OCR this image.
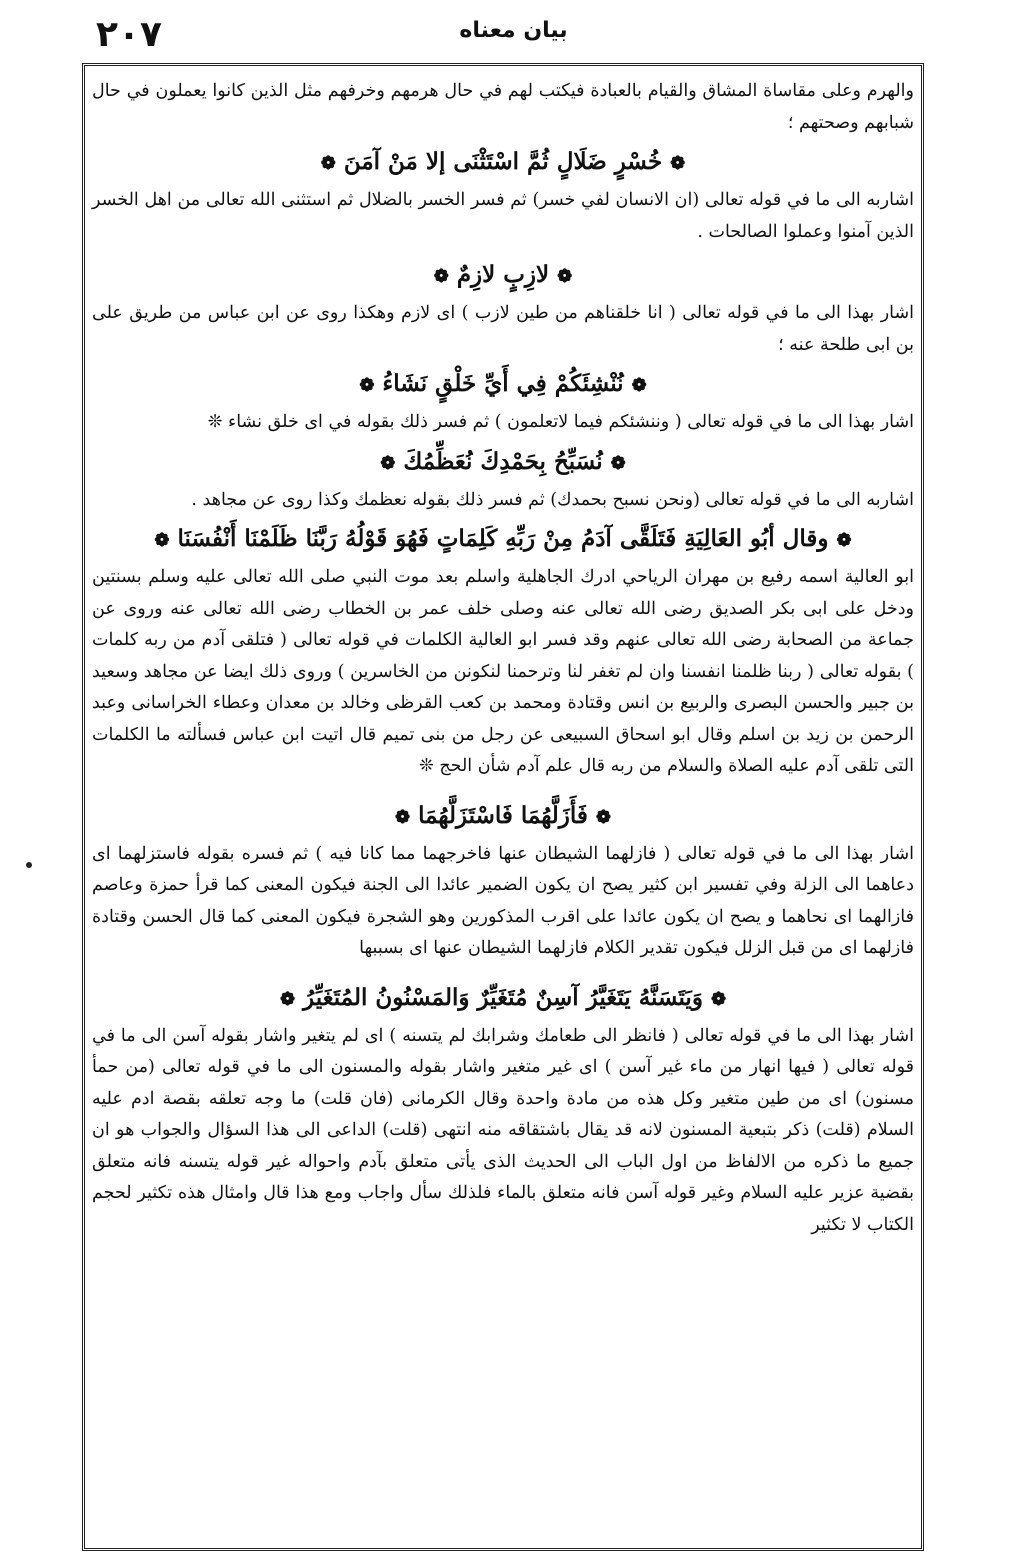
٢٠٧	بيان معناه

والهرم وعلى مقاساة المشاق والقيام بالعبادة فيكتب لهم في حال هرمهم وخرفهم مثل الذين كانوا يعملون في حال شبابهم وصحتهم ؛

❁خُسْرٍ ضَلَالٍ ثُمَّ اسْتَثْنَى إلا مَنْ آمَنَ❁

اشاربه الى ما في قوله تعالى (ان الانسان لفي خسر) ثم فسر الخسر بالضلال ثم استثنى الله تعالى من اهل الخسر الذين آمنوا وعملوا الصالحات .

❁لازِبٍ لازِمٌ❁

اشار بهذا الى ما في قوله تعالى ( انا خلقناهم من طين لازب ) اى لازم وهكذا روى عن ابن عباس من طريق على بن ابى طلحة عنه ؛

❁نُنْشِئَكُمْ فِي أَيِّ خَلْقٍ نَشَاءُ❁

اشار بهذا الى ما في قوله تعالى ( وننشئكم فيما لاتعلمون ) ثم فسر ذلك بقوله في اى خلق نشاء ❊

❁نُسَبِّحُ بِحَمْدِكَ نُعَظِّمُكَ❁

اشاربه الى ما في قوله تعالى (ونحن نسبح بحمدك) ثم فسر ذلك بقوله نعظمك وكذا روى عن مجاهد .

❁وقال أبُو العَالِيَةِ فَتَلَقَّى آدَمُ مِنْ رَبِّهِ كَلِمَاتٍ فَهُوَ قَوْلُهُ رَبَّنَا ظَلَمْنَا أَنْفُسَنَا❁

ابو العالية اسمه رفيع بن مهران الرياحي ادرك الجاهلية واسلم بعد موت النبي صلى الله تعالى عليه وسلم بسنتين ودخل على ابى بكر الصديق رضى الله تعالى عنه وصلى خلف عمر بن الخطاب رضى الله تعالى عنه وروى عن جماعة من الصحابة رضى الله تعالى عنهم وقد فسر ابو العالية الكلمات في قوله تعالى ( فتلقى آدم من ربه كلمات ) بقوله تعالى ( ربنا ظلمنا انفسنا وان لم تغفر لنا وترحمنا لنكونن من الخاسرين ) وروى ذلك ايضا عن مجاهد وسعيد بن جبير والحسن البصرى والربيع بن انس وقتادة ومحمد بن كعب القرظى وخالد بن معدان وعطاء الخراسانى وعبد الرحمن بن زيد بن اسلم وقال ابو اسحاق السبيعى عن رجل من بنى تميم قال اتيت ابن عباس فسألته ما الكلمات التى تلقى آدم عليه الصلاة والسلام من ربه قال علم آدم شأن الحج ❊

❁فَأَزَلَّهُمَا فَاسْتَزَلَّهُمَا❁

اشار بهذا الى ما في قوله تعالى ( فازلهما الشيطان عنها فاخرجهما مما كانا فيه ) ثم فسره بقوله فاستزلهما اى دعاهما الى الزلة وفي تفسير ابن كثير يصح ان يكون الضمير عائدا الى الجنة فيكون المعنى كما قرأ حمزة وعاصم فازالهما اى نحاهما و يصح ان يكون عائدا على اقرب المذكورين وهو الشجرة فيكون المعنى كما قال الحسن وقتادة فازلهما اى من قبل الزلل فيكون تقدير الكلام فازلهما الشيطان عنها اى بسببها

❁وَيَتَسَنَّهُ يَتَغَيَّرُ آسِنٌ مُتَغَيِّرٌ وَالمَسْنُونُ المُتَغَيِّرُ❁

اشار بهذا الى ما في قوله تعالى ( فانظر الى طعامك وشرابك لم يتسنه ) اى لم يتغير واشار بقوله آسن الى ما في قوله تعالى ( فيها انهار من ماء غير آسن ) اى غير متغير واشار بقوله والمسنون الى ما في قوله تعالى (من حمأ مسنون) اى من طين متغير وكل هذه من مادة واحدة وقال الكرمانى (فان قلت) ما وجه تعلقه بقصة ادم عليه السلام (قلت) ذكر بتبعية المسنون لانه قد يقال باشتقاقه منه انتهى (قلت) الداعى الى هذا السؤال والجواب هو ان جميع ما ذكره من الالفاظ من اول الباب الى الحديث الذى يأتى متعلق بآدم واحواله غير قوله يتسنه فانه متعلق بقضية عزير عليه السلام وغير قوله آسن فانه متعلق بالماء فلذلك سأل واجاب ومع هذا قال وامثال هذه تكثير لحجم الكتاب لا تكثير
